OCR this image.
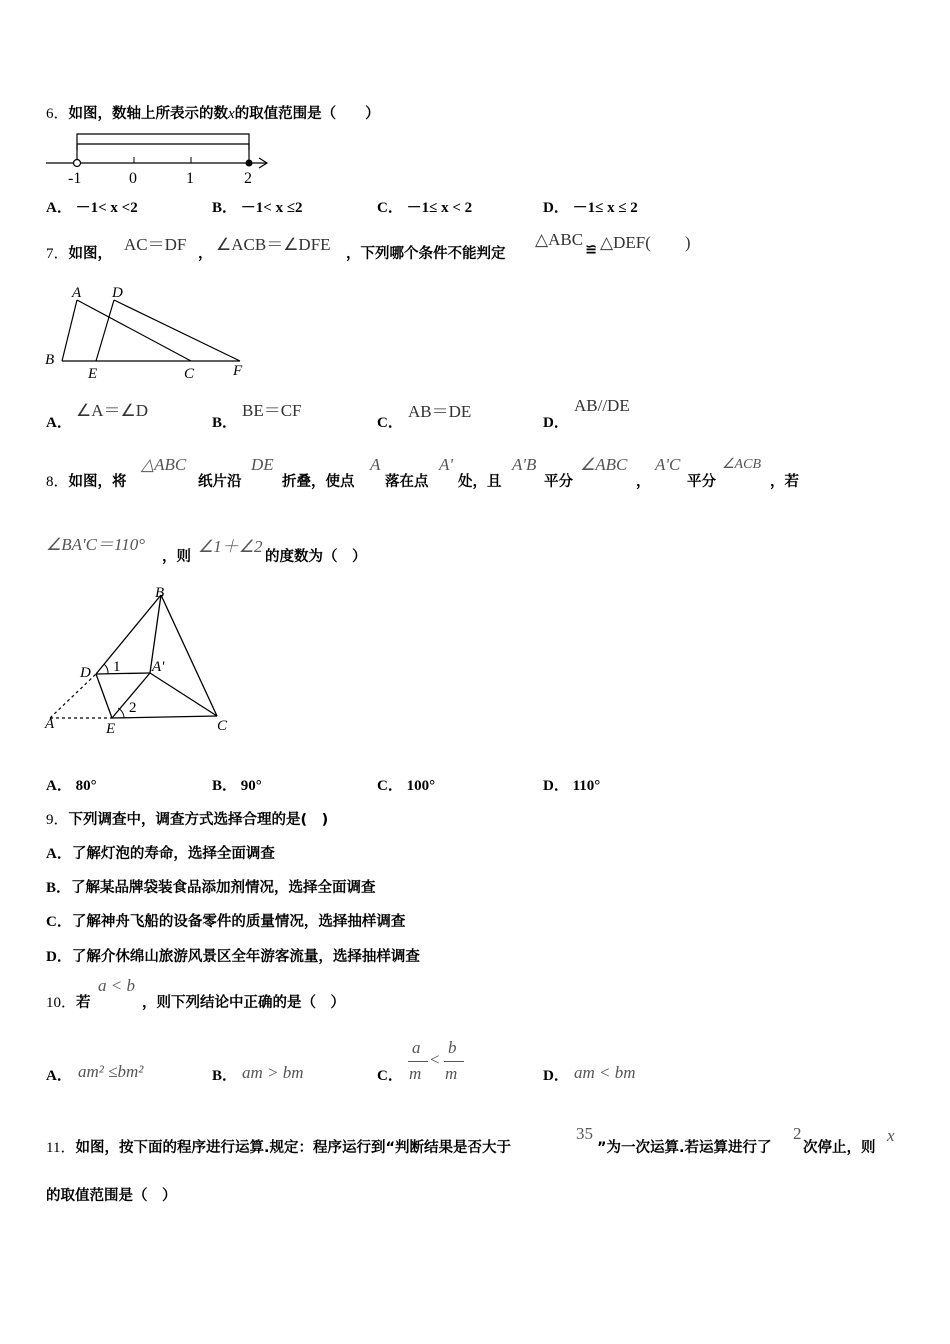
6．如图，数轴上所表示的数x的取值范围是（　　）
-1	0	1	2
A． －1< x <2	B． －1< x ≤2	C． －1≤ x < 2	D． －1≤ x ≤ 2
7．如图， AC＝DF ， ∠ACB＝∠DFE ，下列哪个条件不能判定
△ABC
≌ △DEF(　　)
A D
B
E	C	F
A．
∠A＝∠D
B．
BE＝CF
C．
AB＝DE
D．
AB//DE
8．如图，将
△ABC
纸片沿
DE
折叠，使点
A
落在点
A'
处，且
A'B
平分
∠ABC
，
A'C
平分
∠ACB
，若
∠BA'C＝110°
，则
∠1＋∠2
的度数为（　）
B
D 1 A'
A	E
2
C
A． 80°	B． 90°	C． 100°	D． 110°
9．下列调查中，调查方式选择合理的是(　)
A．了解灯泡的寿命，选择全面调查
B．了解某品牌袋装食品添加剂情况，选择全面调查
C．了解神舟飞船的设备零件的质量情况，选择抽样调查
D．了解介休绵山旅游风景区全年游客流量，选择抽样调查
10．若
a < b
，则下列结论中正确的是（　）
A． am² ≤bm²	B． am > bm	C．
a
m
<
b
m	D． am < bm
11．如图，按下面的程序进行运算.规定：程序运行到“判断结果是否大于
35
”为一次运算.若运算进行了
2
次停止，则
x
的取值范围是（　）
